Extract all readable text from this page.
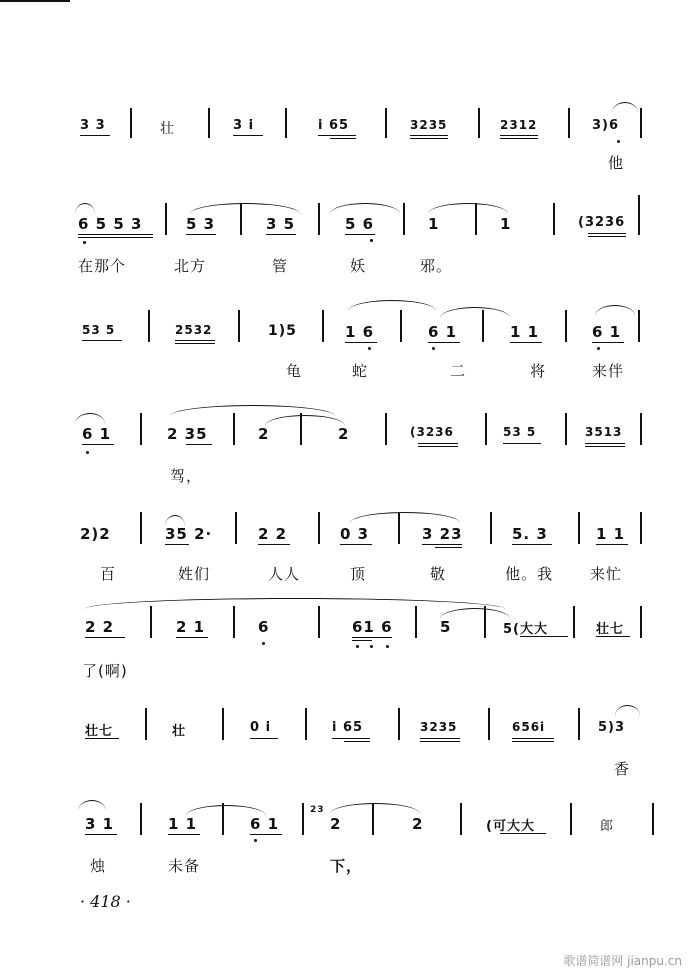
3 3	壮	3 i	i 65	3235	2312	3)6
他
6 5 5 3	5 3	3 5	5 6	1	1	(3236
在那个	北方	管	妖	邪。
53 5	2532	1)5	1 6	6 1	1 1	6 1
龟	蛇	二	将	来伴
6 1	2 35	2	2	(3236	53 5	3513
驾，
2)2	35 2·	2 2	0 3	3 23	5. 3	1 1
百	姓们	人人	顶	敬	他。我 来忙
2 2	2 1	6	61 6	5	5(大大	壮七
了(啊)
壮七	壮	0 i	i 65	3235	656i	5)3
香
3 1	1 1	6 1
23
2	2	(可大大	郎
烛	未备	下，
· 418 ·
歌谱简谱网 jianpu.cn
